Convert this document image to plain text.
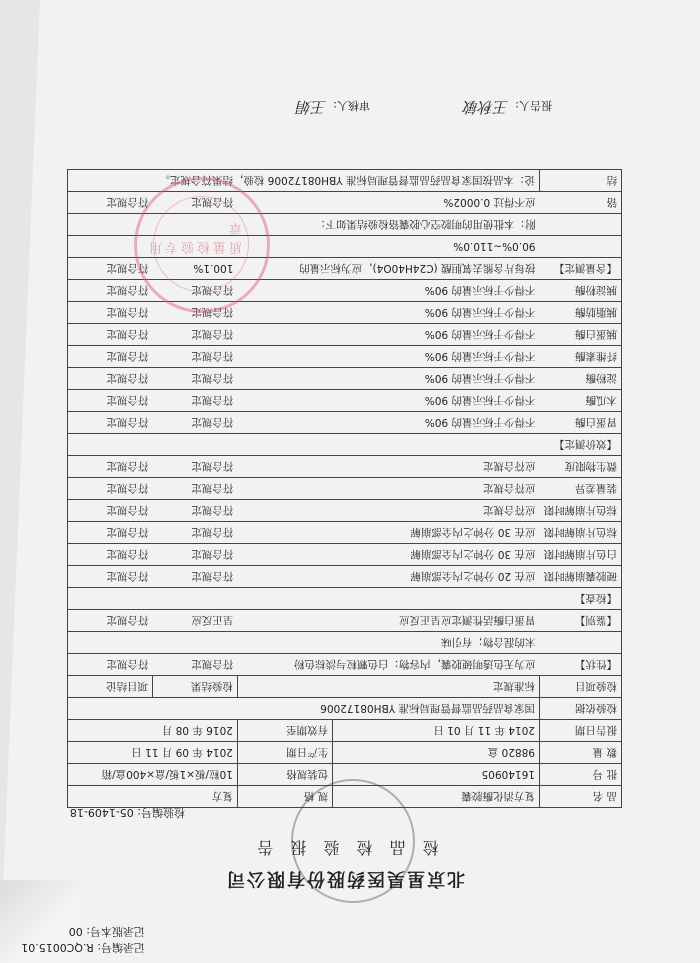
记录编号: R.QC0015.01
记录版本号: 00
北京星昊医药股份有限公司
检 品 检 验 报 告
检验编号: 05-1409-18
品 名	复方消化酶胶囊	规 格	复方	
批 号	16140905	包装规格	10粒/板×1板/盒×400盒/箱	
数 量	98820 盒	生产日期	2014 年 09 月 11 日	
报告日期	2014 年 11 月 01 日	有效期至	2016 年 08 月	
检验依据	国家食品药品监督管理局标准 YBH08172006			
检验项目	标准规定		检验结果	项目结论
【性状】	应为无色透明硬胶囊，内容物：白色颗粒与淡棕色粉		符合规定	符合规定
	末的混合物；有引味			
【鉴别】	胃蛋白酶活性测定应呈正反应		呈正反应	符合规定
【检查】				
硬胶囊崩解时限	应在 20 分钟之内全部崩解		符合规定	符合规定
白色片崩解时限	应在 30 分钟之内全部崩解		符合规定	符合规定
棕色片崩解时限	应在 30 分钟之内全部崩解		符合规定	符合规定
棕色片崩解时限	应符合规定		符合规定	符合规定
装量差异	应符合规定		符合规定	符合规定
微生物限度	应符合规定		符合规定	符合规定
【效价测定】				
胃蛋白酶	不得少于标示量的 90%		符合规定	符合规定
木瓜酶	不得少于标示量的 90%		符合规定	符合规定
淀粉酶	不得少于标示量的 90%		符合规定	符合规定
纤维素酶	不得少于标示量的 90%		符合规定	符合规定
胰蛋白酶	不得少于标示量的 90%		符合规定	符合规定
胰脂肪酶	不得少于标示量的 90%		符合规定	符合规定
胰淀粉酶	不得少于标示量的 90%		符合规定	符合规定
【含量测定】	按每片含熊去氧胆酸 (C24H40O4)，应为标示量的		100.1%	符合规定
	90.0%~110.0%			
	附：本批使用的明胶空心胶囊铬检验结果如下：			
铬	应不得过 0.0002%		符合规定	符合规定
结	论：本品按国家食品药品监督管理局标准 YBH08172006 检验，结果符合规定。			
质量检验专用章
报告人: 王秋敏
审核人: 王娟
